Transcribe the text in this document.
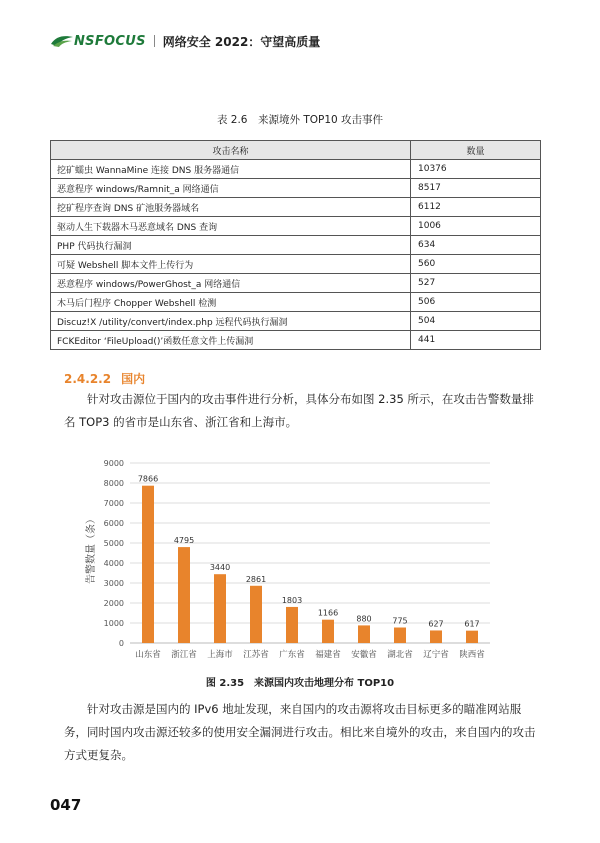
NSFOCUS 网络安全 2022：守望高质量
表 2.6　来源境外 TOP10 攻击事件
攻击名称	数量
挖矿蠕虫 WannaMine 连接 DNS 服务器通信	10376
恶意程序 windows/Ramnit_a 网络通信	8517
挖矿程序查询 DNS 矿池服务器域名	6112
驱动人生下载器木马恶意域名 DNS 查询	1006
PHP 代码执行漏洞	634
可疑 Webshell 脚本文件上传行为	560
恶意程序 windows/PowerGhost_a 网络通信	527
木马后门程序 Chopper Webshell 检测	506
Discuz!X /utility/convert/index.php 远程代码执行漏洞	504
FCKEditor ‘FileUpload()’函数任意文件上传漏洞	441
2.4.2.2 国内
针对攻击源位于国内的攻击事件进行分析，具体分布如图 2.35 所示，在攻击告警数量排名 TOP3 的省市是山东省、浙江省和上海市。
0
1000
2000
3000
4000
5000
6000
7000
8000
9000
7866
山东省
4795
浙江省
3440
上海市
2861
江苏省
1803
广东省
1166
福建省
880
安徽省
775
湖北省
627
辽宁省
617
陕西省
告警数量（条）
图 2.35　来源国内攻击地理分布 TOP10
针对攻击源是国内的 IPv6 地址发现，来自国内的攻击源将攻击目标更多的瞄准网站服务，同时国内攻击源还较多的使用安全漏洞进行攻击。相比来自境外的攻击，来自国内的攻击方式更复杂。
047
